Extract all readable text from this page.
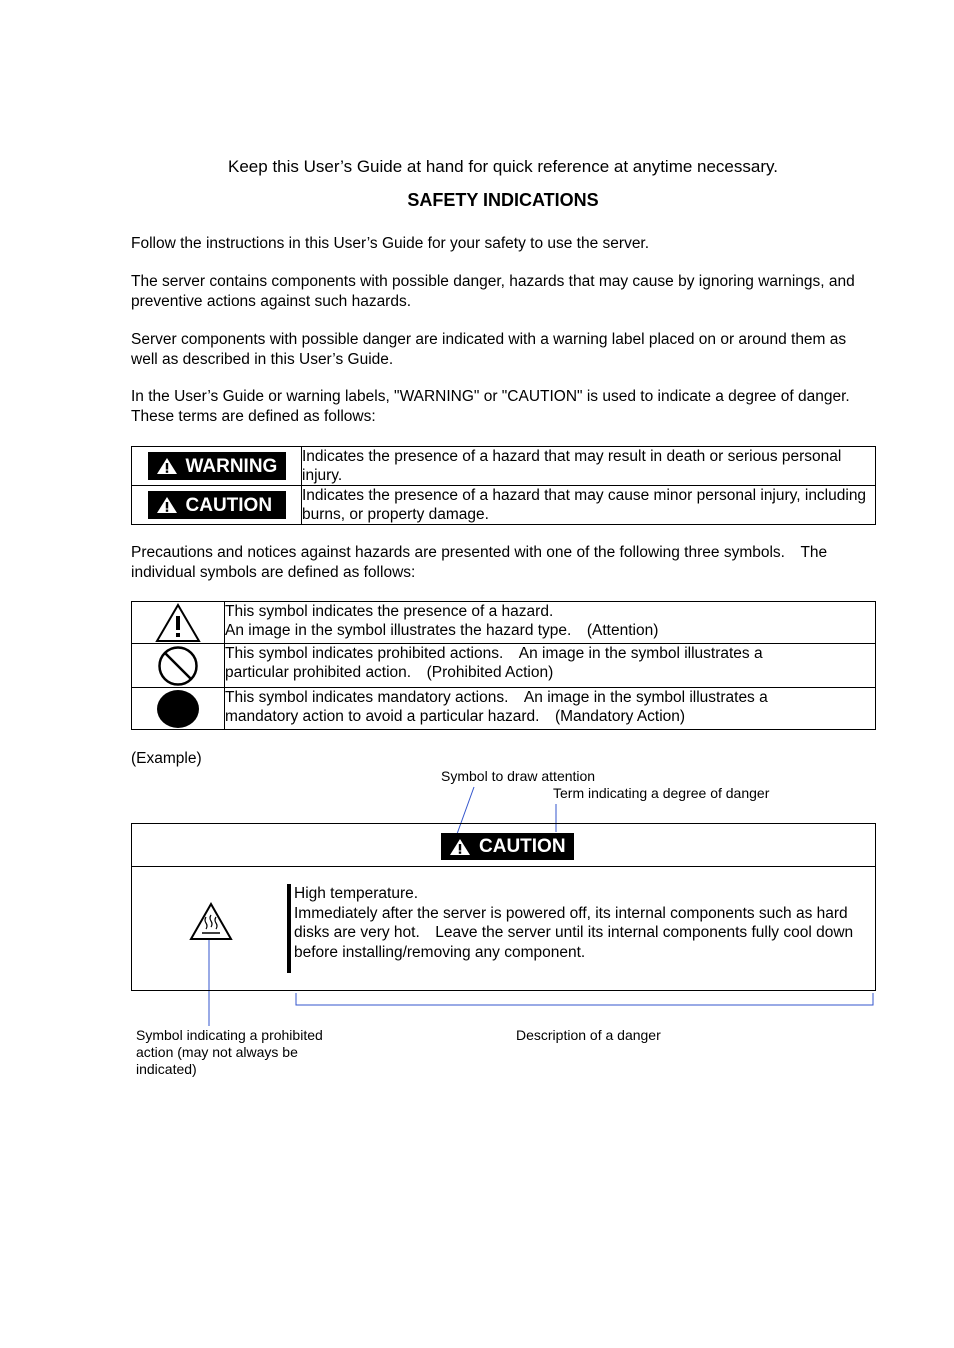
Keep this User’s Guide at hand for quick reference at anytime necessary.
SAFETY INDICATIONS
Follow the instructions in this User’s Guide for your safety to use the server.
The server contains components with possible danger, hazards that may cause by ignoring warnings, and preventive actions against such hazards.
Server components with possible danger are indicated with a warning label placed on or around them as well as described in this User’s Guide.
In the User’s Guide or warning labels, "WARNING" or "CAUTION" is used to indicate a degree of danger.　These terms are defined as follows:
WARNING	Indicates the presence of a hazard that may result in death or serious personal injury.

CAUTION	Indicates the presence of a hazard that may cause minor personal injury, including burns, or property damage.
Precautions and notices against hazards are presented with one of the following three symbols.　The individual symbols are defined as follows:

This symbol indicates the presence of a hazard.
An image in the symbol illustrates the hazard type.　(Attention)

This symbol indicates prohibited actions.　An image in the symbol illustrates a
particular prohibited action.　(Prohibited Action)

This symbol indicates mandatory actions.　An image in the symbol illustrates a
mandatory action to avoid a particular hazard.　(Mandatory Action)
(Example)
Symbol to draw attention
Term indicating a degree of danger
CAUTION
High temperature.
Immediately after the server is powered off, its internal components such as hard disks are very hot.　Leave the server until its internal components fully cool down before installing/removing any component.
Symbol indicating a prohibited action (may not always be indicated)
Description of a danger
